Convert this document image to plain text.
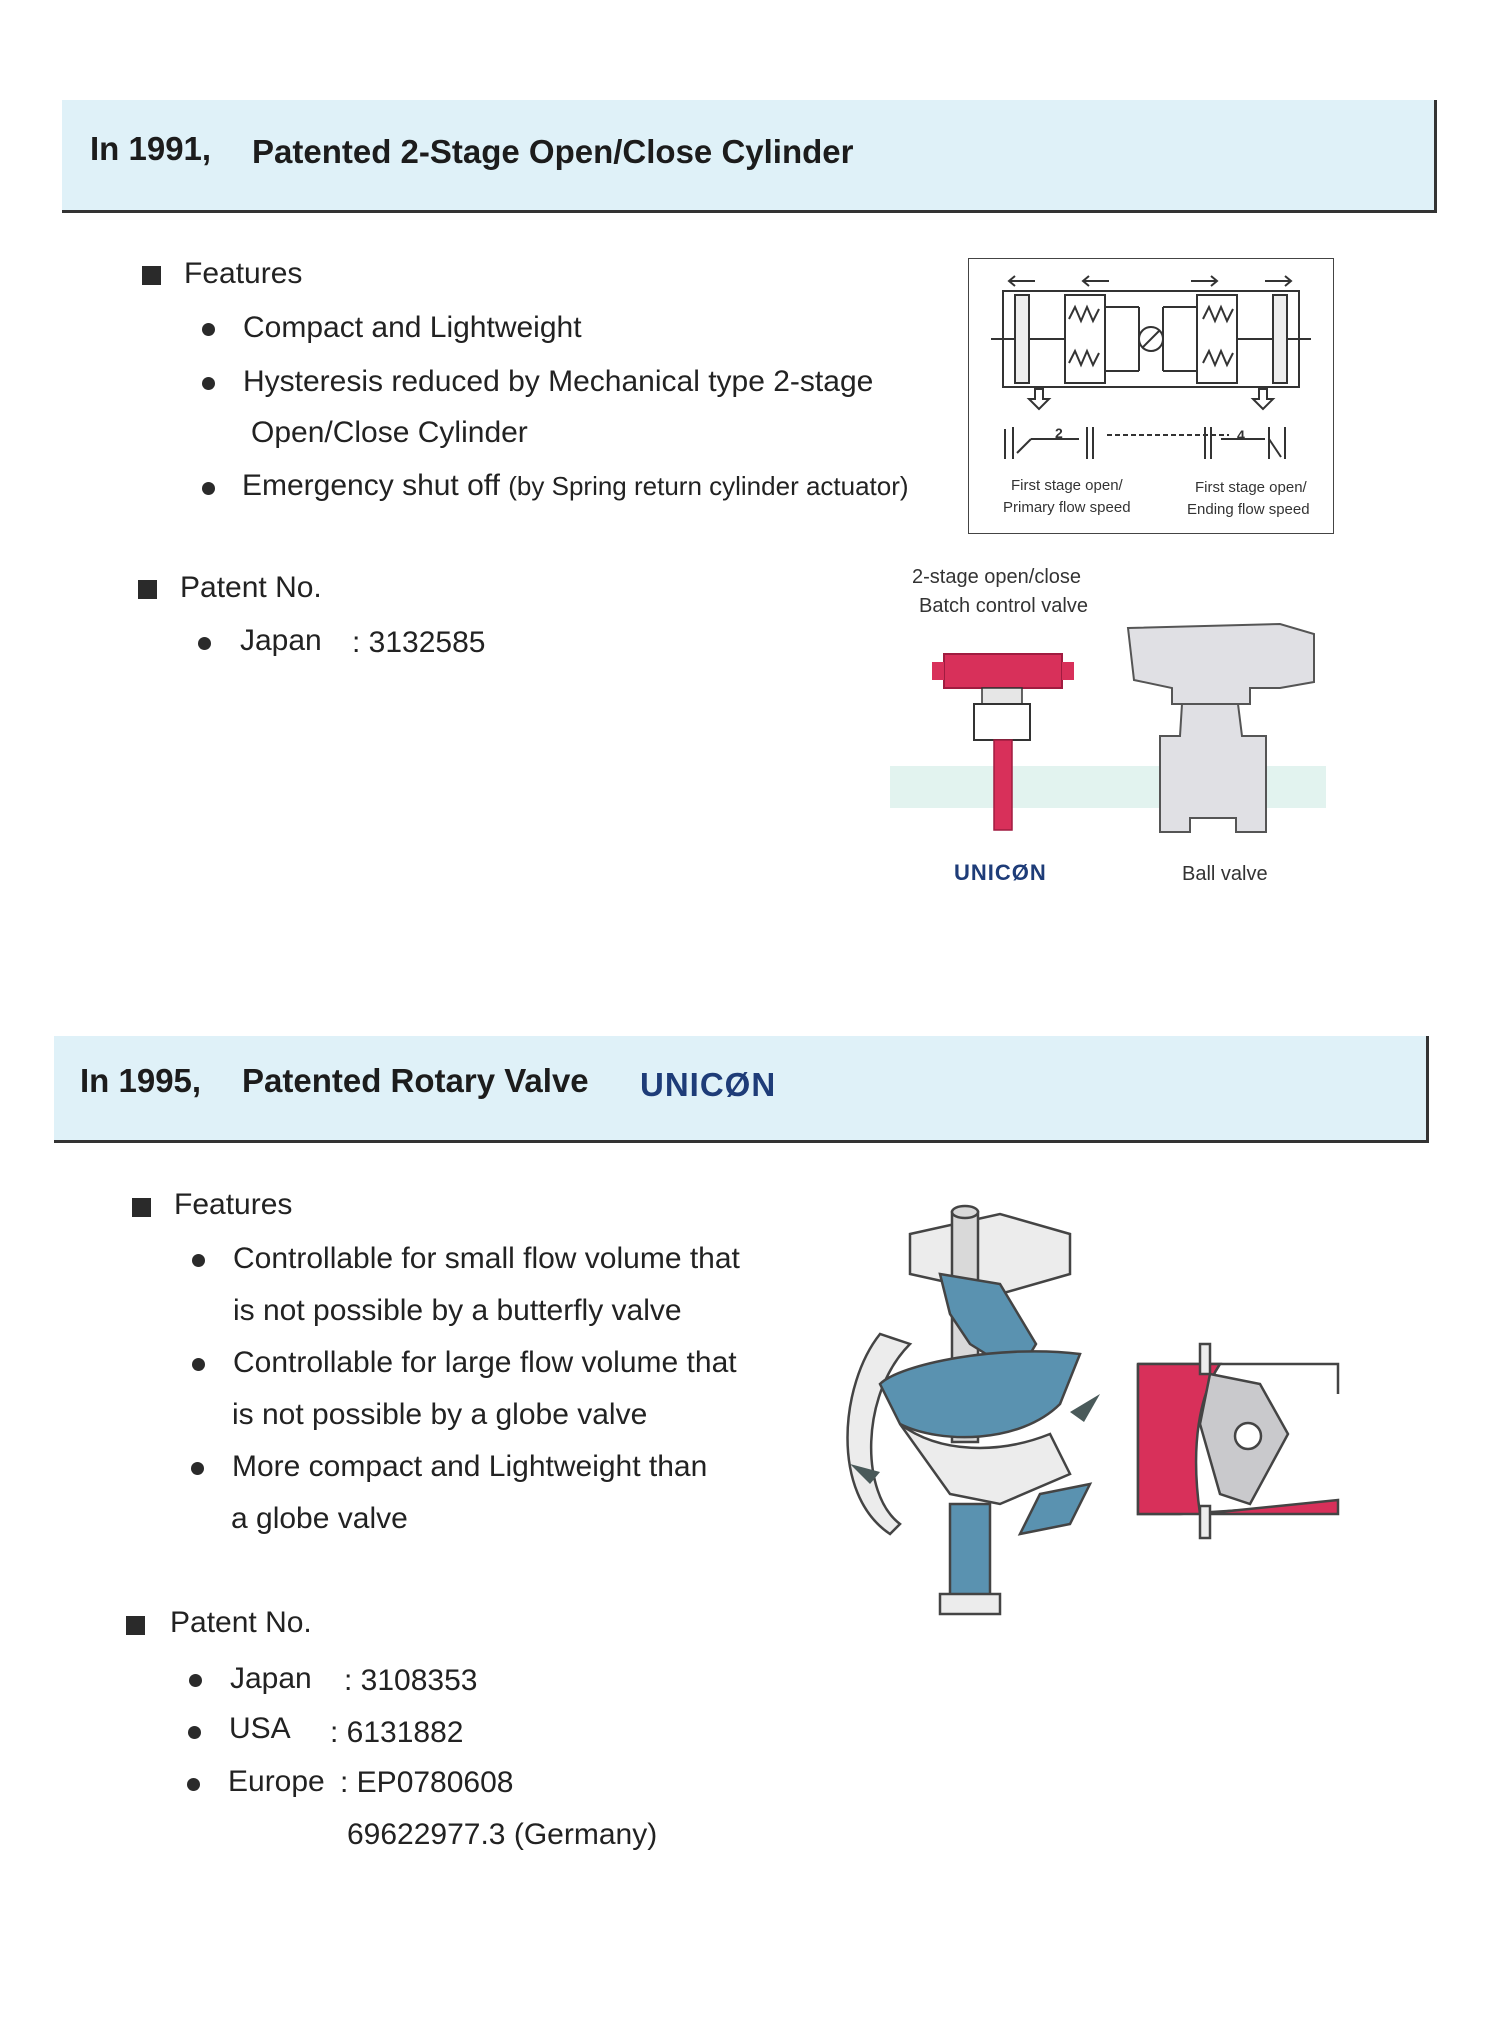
In 1991, Patented 2-Stage Open/Close Cylinder
Features
Compact and Lightweight
Hysteresis reduced by Mechanical type 2-stage
Open/Close Cylinder
Emergency shut off (by Spring return cylinder actuator)
Patent No.
Japan : 3132585
2	4
First stage open/
Primary flow speed
First stage open/
Ending flow speed
2-stage open/close
Batch control valve
UNICØN	Ball valve
In 1995, Patented Rotary Valve UNICØN
Features
Controllable for small flow volume that
is not possible by a butterfly valve
Controllable for large flow volume that
is not possible by a globe valve
More compact and Lightweight than
a globe valve
Patent No.
Japan : 3108353
USA : 6131882
Europe : EP0780608
69622977.3 (Germany)
